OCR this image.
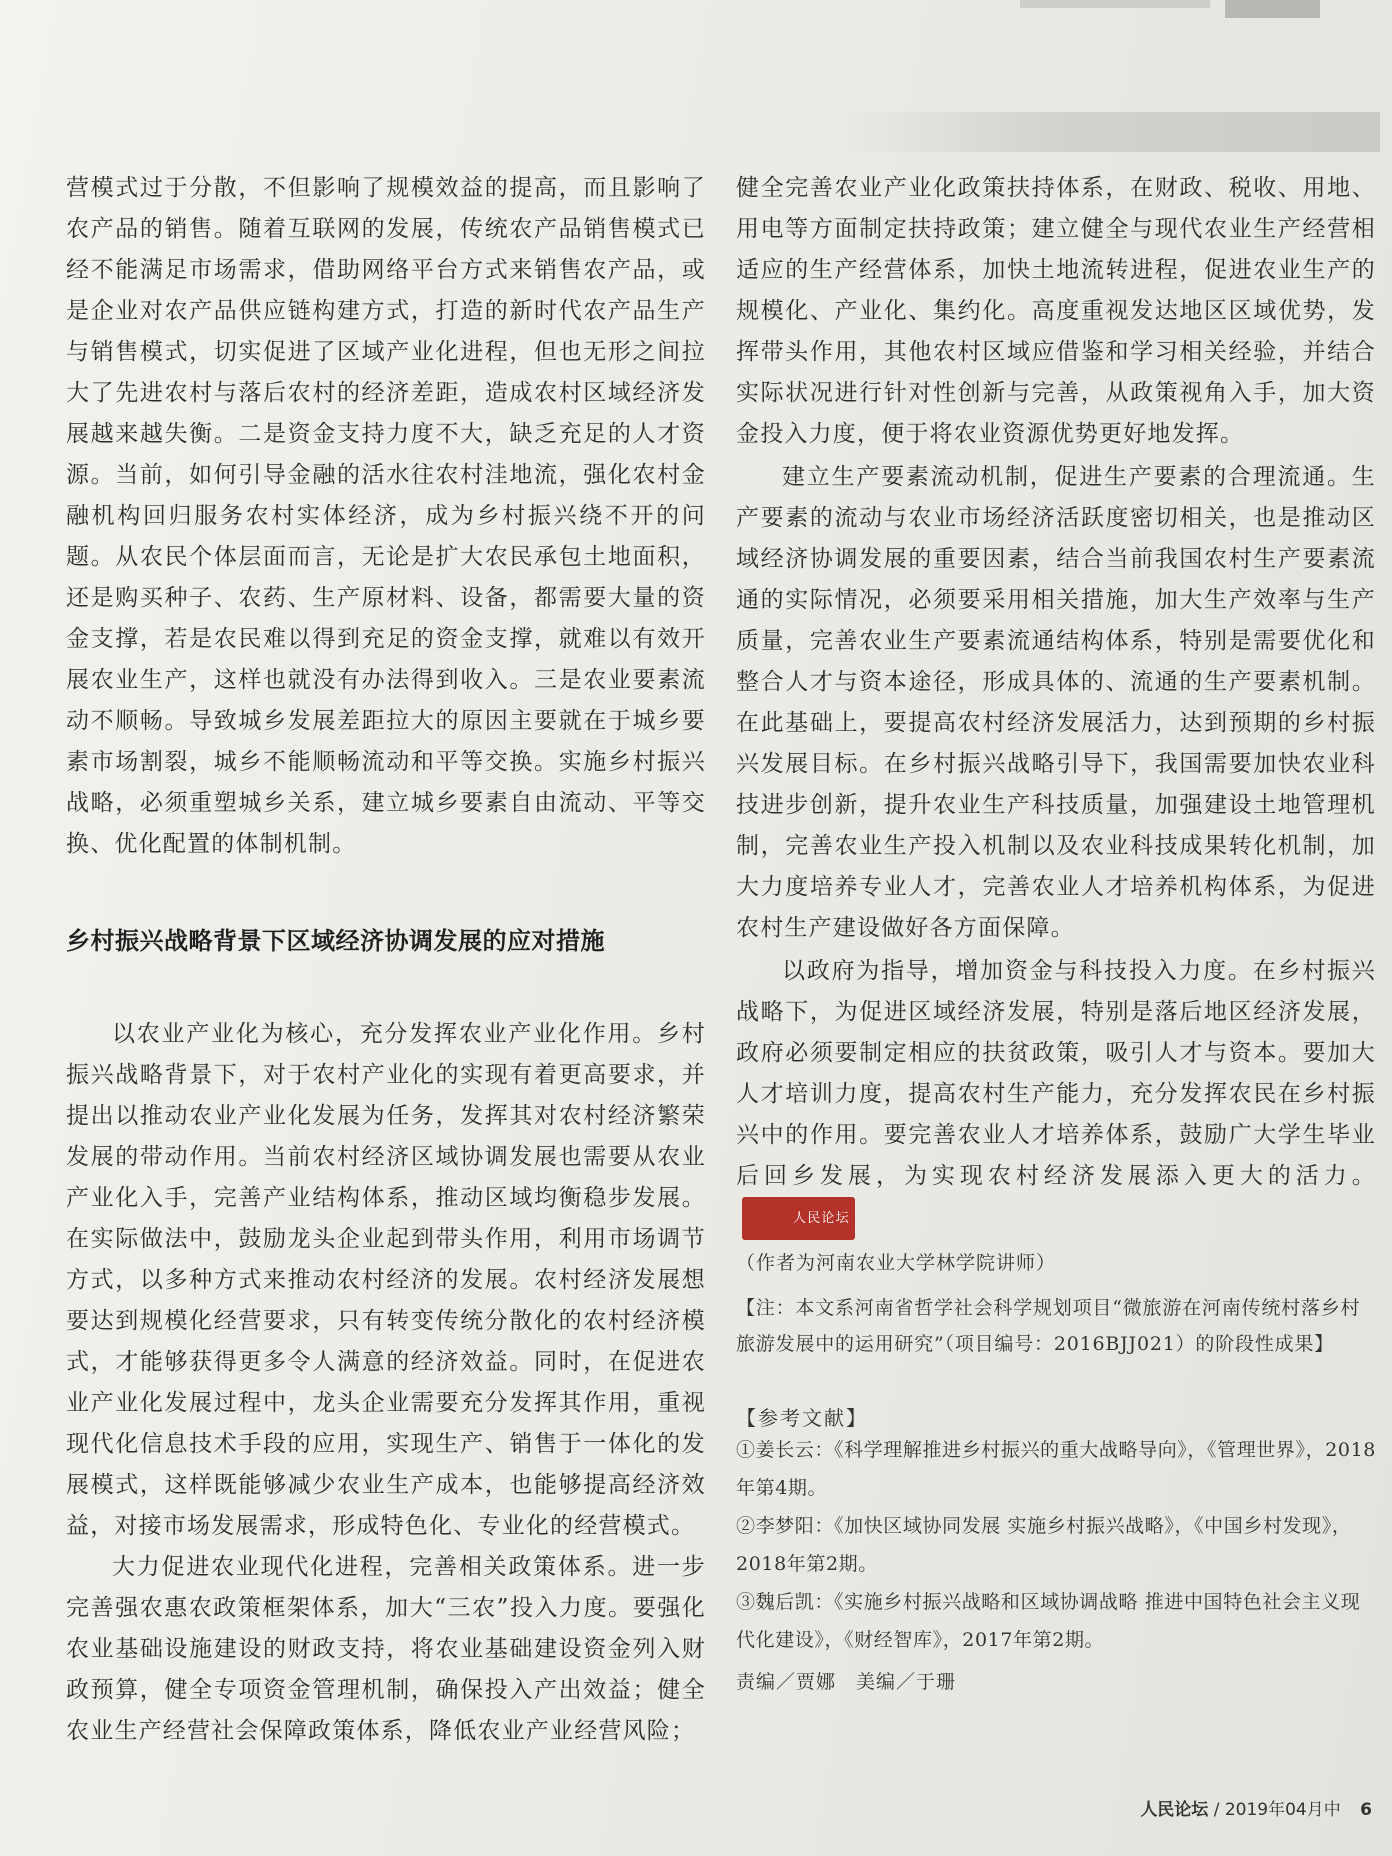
营模式过于分散，不但影响了规模效益的提高，而且影响了农产品的销售。随着互联网的发展，传统农产品销售模式已经不能满足市场需求，借助网络平台方式来销售农产品，或是企业对农产品供应链构建方式，打造的新时代农产品生产与销售模式，切实促进了区域产业化进程，但也无形之间拉大了先进农村与落后农村的经济差距，造成农村区域经济发展越来越失衡。二是资金支持力度不大，缺乏充足的人才资源。当前，如何引导金融的活水往农村洼地流，强化农村金融机构回归服务农村实体经济，成为乡村振兴绕不开的问题。从农民个体层面而言，无论是扩大农民承包土地面积，还是购买种子、农药、生产原材料、设备，都需要大量的资金支撑，若是农民难以得到充足的资金支撑，就难以有效开展农业生产，这样也就没有办法得到收入。三是农业要素流动不顺畅。导致城乡发展差距拉大的原因主要就在于城乡要素市场割裂，城乡不能顺畅流动和平等交换。实施乡村振兴战略，必须重塑城乡关系，建立城乡要素自由流动、平等交换、优化配置的体制机制。

乡村振兴战略背景下区域经济协调发展的应对措施

以农业产业化为核心，充分发挥农业产业化作用。乡村振兴战略背景下，对于农村产业化的实现有着更高要求，并提出以推动农业产业化发展为任务，发挥其对农村经济繁荣发展的带动作用。当前农村经济区域协调发展也需要从农业产业化入手，完善产业结构体系，推动区域均衡稳步发展。在实际做法中，鼓励龙头企业起到带头作用，利用市场调节方式，以多种方式来推动农村经济的发展。农村经济发展想要达到规模化经营要求，只有转变传统分散化的农村经济模式，才能够获得更多令人满意的经济效益。同时，在促进农业产业化发展过程中，龙头企业需要充分发挥其作用，重视现代化信息技术手段的应用，实现生产、销售于一体化的发展模式，这样既能够减少农业生产成本，也能够提高经济效益，对接市场发展需求，形成特色化、专业化的经营模式。

大力促进农业现代化进程，完善相关政策体系。进一步完善强农惠农政策框架体系，加大“三农”投入力度。要强化农业基础设施建设的财政支持，将农业基础建设资金列入财政预算，健全专项资金管理机制，确保投入产出效益；健全农业生产经营社会保障政策体系，降低农业产业经营风险；

健全完善农业产业化政策扶持体系，在财政、税收、用地、用电等方面制定扶持政策；建立健全与现代农业生产经营相适应的生产经营体系，加快土地流转进程，促进农业生产的规模化、产业化、集约化。高度重视发达地区区域优势，发挥带头作用，其他农村区域应借鉴和学习相关经验，并结合实际状况进行针对性创新与完善，从政策视角入手，加大资金投入力度，便于将农业资源优势更好地发挥。

建立生产要素流动机制，促进生产要素的合理流通。生产要素的流动与农业市场经济活跃度密切相关，也是推动区域经济协调发展的重要因素，结合当前我国农村生产要素流通的实际情况，必须要采用相关措施，加大生产效率与生产质量，完善农业生产要素流通结构体系，特别是需要优化和整合人才与资本途径，形成具体的、流通的生产要素机制。在此基础上，要提高农村经济发展活力，达到预期的乡村振兴发展目标。在乡村振兴战略引导下，我国需要加快农业科技进步创新，提升农业生产科技质量，加强建设土地管理机制，完善农业生产投入机制以及农业科技成果转化机制，加大力度培养专业人才，完善农业人才培养机构体系，为促进农村生产建设做好各方面保障。

以政府为指导，增加资金与科技投入力度。在乡村振兴战略下，为促进区域经济发展，特别是落后地区经济发展，政府必须要制定相应的扶贫政策，吸引人才与资本。要加大人才培训力度，提高农村生产能力，充分发挥农民在乡村振兴中的作用。要完善农业人才培养体系，鼓励广大学生毕业后回乡发展，为实现农村经济发展添入更大的活力。人民论坛

（作者为河南农业大学林学院讲师）
【注：本文系河南省哲学社会科学规划项目“微旅游在河南传统村落乡村旅游发展中的运用研究”（项目编号：2016BJJ021）的阶段性成果】
【参考文献】
①姜长云：《科学理解推进乡村振兴的重大战略导向》，《管理世界》，2018年第4期。
②李梦阳：《加快区域协同发展 实施乡村振兴战略》，《中国乡村发现》，2018年第2期。
③魏后凯：《实施乡村振兴战略和区域协调战略 推进中国特色社会主义现代化建设》，《财经智库》，2017年第2期。
责编／贾娜　美编／于珊
人民论坛 / 2019年04月中 6
